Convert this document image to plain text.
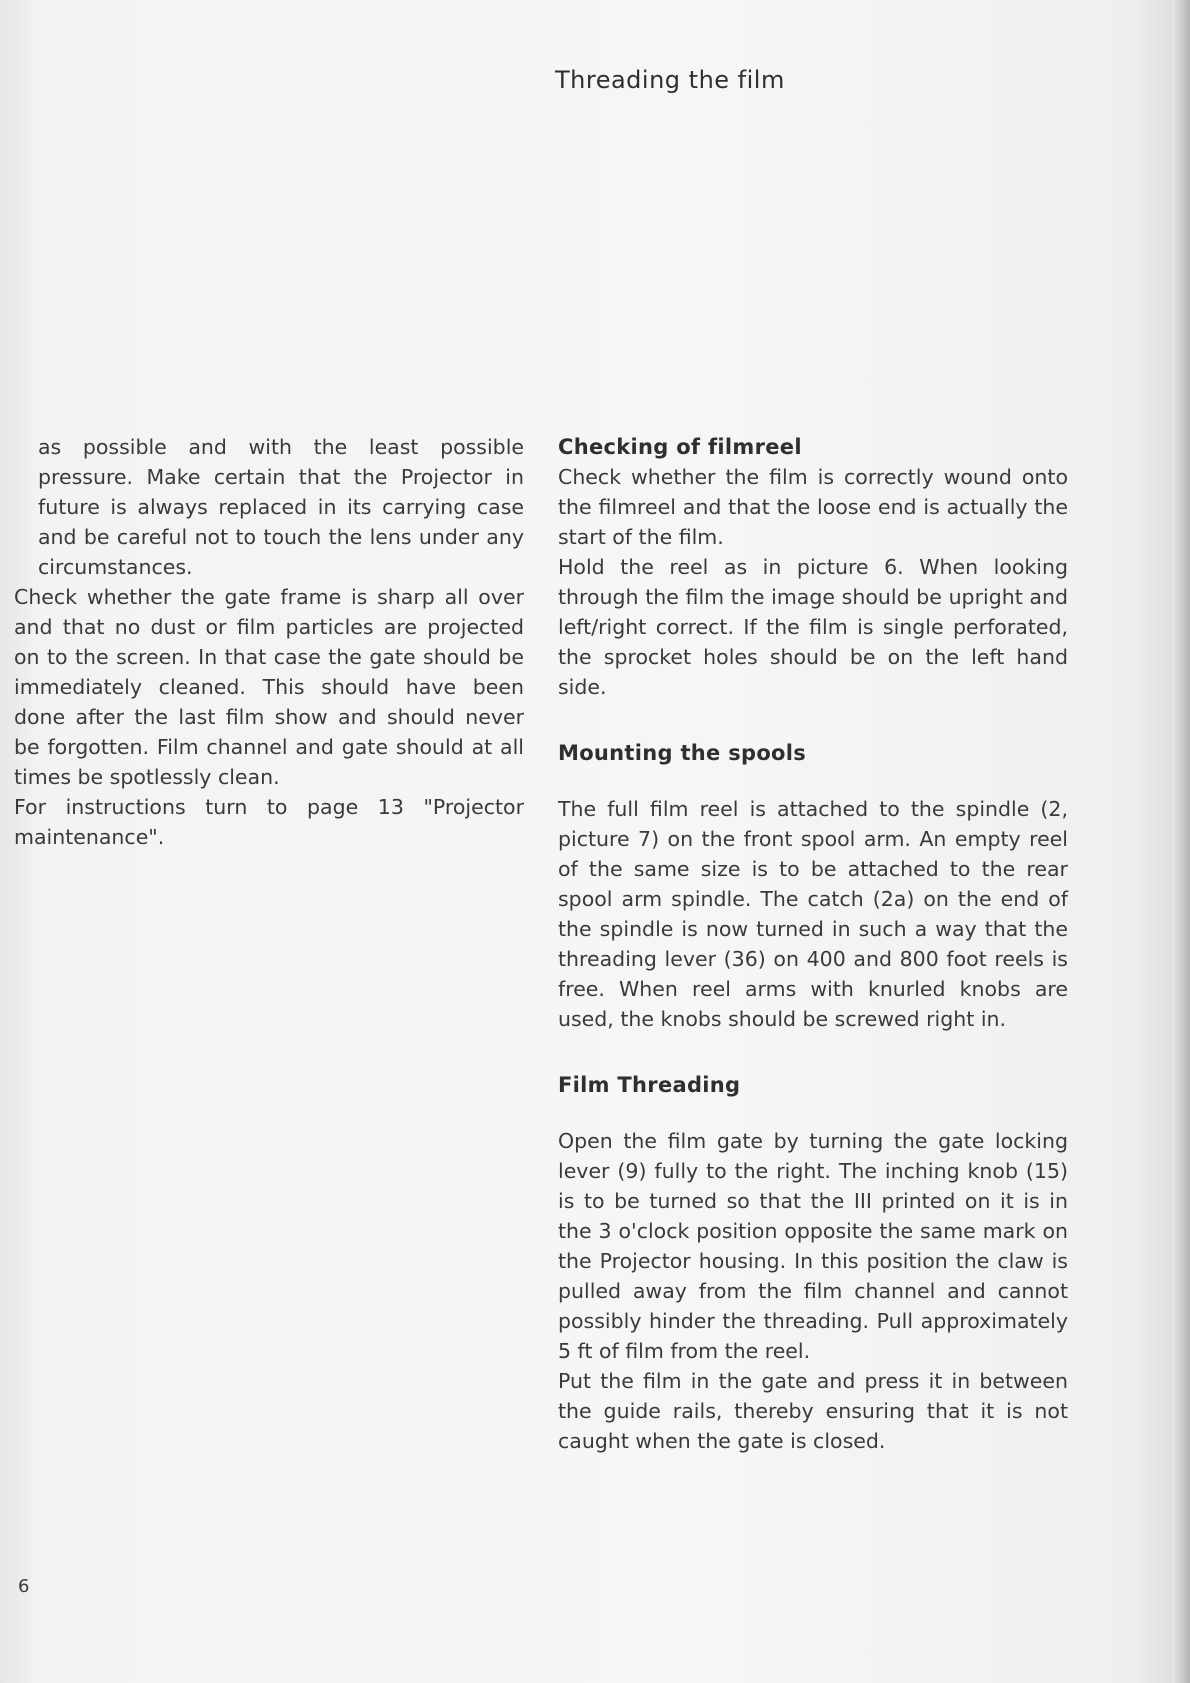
Threading the film

as possible and with the least possible pressure. Make certain that the Projector in future is always replaced in its carrying case and be careful not to touch the lens under any circumstances.

Check whether the gate frame is sharp all over and that no dust or film particles are projected on to the screen. In that case the gate should be immediately cleaned. This should have been done after the last film show and should never be forgotten. Film channel and gate should at all times be spotlessly clean.

For instructions turn to page 13 "Projector maintenance".

Checking of filmreel

Check whether the film is correctly wound onto the filmreel and that the loose end is actually the start of the film.

Hold the reel as in picture 6. When looking through the film the image should be upright and left/right correct. If the film is single perforated, the sprocket holes should be on the left hand side.

Mounting the spools

The full film reel is attached to the spindle (2, picture 7) on the front spool arm. An empty reel of the same size is to be attached to the rear spool arm spindle. The catch (2a) on the end of the spindle is now turned in such a way that the threading lever (36) on 400 and 800 foot reels is free. When reel arms with knurled knobs are used, the knobs should be screwed right in.

Film Threading

Open the film gate by turning the gate locking lever (9) fully to the right. The inching knob (15) is to be turned so that the III printed on it is in the 3 o'clock position opposite the same mark on the Projector housing. In this position the claw is pulled away from the film channel and cannot possibly hinder the threading. Pull approximately 5 ft of film from the reel.

Put the film in the gate and press it in between the guide rails, thereby ensuring that it is not caught when the gate is closed.

6
